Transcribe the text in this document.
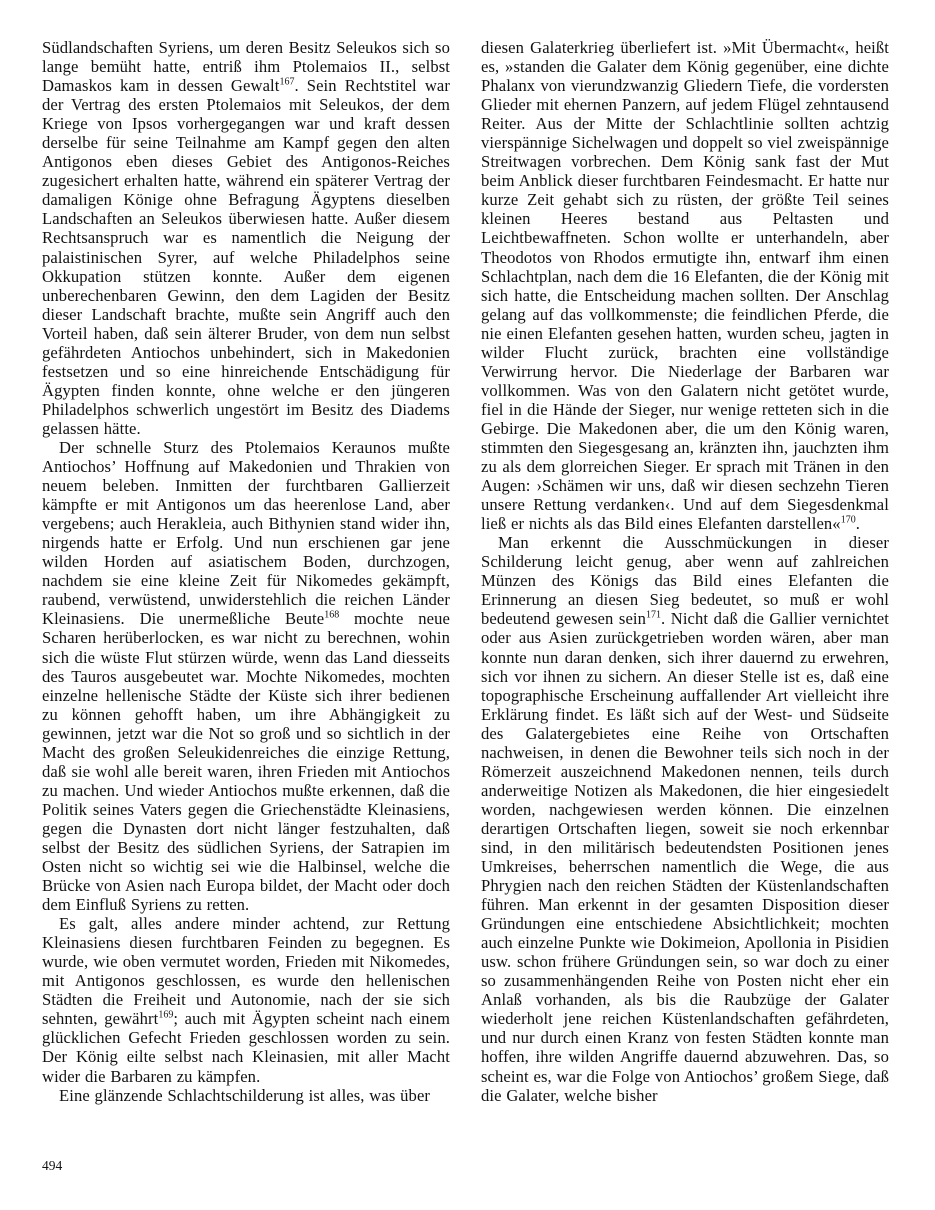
Südlandschaften Syriens, um deren Besitz Seleukos sich so lange bemüht hatte, entriß ihm Ptolemaios II., selbst Damaskos kam in dessen Gewalt$^{167}$. Sein Rechtstitel war der Vertrag des ersten Ptolemaios mit Seleukos, der dem Kriege von Ipsos vorhergegangen war und kraft dessen derselbe für seine Teilnahme am Kampf gegen den alten Antigonos eben dieses Gebiet des Antigonos-Reiches zugesichert erhalten hatte, während ein späterer Vertrag der damaligen Könige ohne Befragung Ägyptens dieselben Landschaften an Seleukos überwiesen hatte. Außer diesem Rechtsanspruch war es namentlich die Neigung der palaistinischen Syrer, auf welche Philadelphos seine Okkupation stützen konnte. Außer dem eigenen unberechenbaren Gewinn, den dem Lagiden der Besitz dieser Landschaft brachte, mußte sein Angriff auch den Vorteil haben, daß sein älterer Bruder, von dem nun selbst gefährdeten Antiochos unbehindert, sich in Makedonien festsetzen und so eine hinreichende Entschädigung für Ägypten finden konnte, ohne welche er den jüngeren Philadelphos schwerlich ungestört im Besitz des Diadems gelassen hätte.

Der schnelle Sturz des Ptolemaios Keraunos mußte Antiochos’ Hoffnung auf Makedonien und Thrakien von neuem beleben. Inmitten der furchtbaren Gallierzeit kämpfte er mit Antigonos um das heerenlose Land, aber vergebens; auch Herakleia, auch Bithynien stand wider ihn, nirgends hatte er Erfolg. Und nun erschienen gar jene wilden Horden auf asiatischem Boden, durchzogen, nachdem sie eine kleine Zeit für Nikomedes gekämpft, raubend, verwüstend, unwiderstehlich die reichen Länder Kleinasiens. Die unermeßliche Beute$^{168}$ mochte neue Scharen herüberlocken, es war nicht zu berechnen, wohin sich die wüste Flut stürzen würde, wenn das Land diesseits des Tauros ausgebeutet war. Mochte Nikomedes, mochten einzelne hellenische Städte der Küste sich ihrer bedienen zu können gehofft haben, um ihre Abhängigkeit zu gewinnen, jetzt war die Not so groß und so sichtlich in der Macht des großen Seleukidenreiches die einzige Rettung, daß sie wohl alle bereit waren, ihren Frieden mit Antiochos zu machen. Und wieder Antiochos mußte erkennen, daß die Politik seines Vaters gegen die Griechenstädte Kleinasiens, gegen die Dynasten dort nicht länger festzuhalten, daß selbst der Besitz des südlichen Syriens, der Satrapien im Osten nicht so wichtig sei wie die Halbinsel, welche die Brücke von Asien nach Europa bildet, der Macht oder doch dem Einfluß Syriens zu retten.

Es galt, alles andere minder achtend, zur Rettung Kleinasiens diesen furchtbaren Feinden zu begegnen. Es wurde, wie oben vermutet worden, Frieden mit Nikomedes, mit Antigonos geschlossen, es wurde den hellenischen Städten die Freiheit und Autonomie, nach der sie sich sehnten, gewährt$^{169}$; auch mit Ägypten scheint nach einem glücklichen Gefecht Frieden geschlossen worden zu sein. Der König eilte selbst nach Kleinasien, mit aller Macht wider die Barbaren zu kämpfen.

Eine glänzende Schlachtschilderung ist alles, was über

diesen Galaterkrieg überliefert ist. »Mit Übermacht«, heißt es, »standen die Galater dem König gegenüber, eine dichte Phalanx von vierundzwanzig Gliedern Tiefe, die vordersten Glieder mit ehernen Panzern, auf jedem Flügel zehntausend Reiter. Aus der Mitte der Schlachtlinie sollten achtzig vierspännige Sichelwagen und doppelt so viel zweispännige Streitwagen vorbrechen. Dem König sank fast der Mut beim Anblick dieser furchtbaren Feindesmacht. Er hatte nur kurze Zeit gehabt sich zu rüsten, der größte Teil seines kleinen Heeres bestand aus Peltasten und Leichtbewaffneten. Schon wollte er unterhandeln, aber Theodotos von Rhodos ermutigte ihn, entwarf ihm einen Schlachtplan, nach dem die 16 Elefanten, die der König mit sich hatte, die Entscheidung machen sollten. Der Anschlag gelang auf das vollkommenste; die feindlichen Pferde, die nie einen Elefanten gesehen hatten, wurden scheu, jagten in wilder Flucht zurück, brachten eine vollständige Verwirrung hervor. Die Niederlage der Barbaren war vollkommen. Was von den Galatern nicht getötet wurde, fiel in die Hände der Sieger, nur wenige retteten sich in die Gebirge. Die Makedonen aber, die um den König waren, stimmten den Siegesgesang an, kränzten ihn, jauchzten ihm zu als dem glorreichen Sieger. Er sprach mit Tränen in den Augen: ›Schämen wir uns, daß wir diesen sechzehn Tieren unsere Rettung verdanken‹. Und auf dem Siegesdenkmal ließ er nichts als das Bild eines Elefanten darstellen«$^{170}$.

Man erkennt die Ausschmückungen in dieser Schilderung leicht genug, aber wenn auf zahlreichen Münzen des Königs das Bild eines Elefanten die Erinnerung an diesen Sieg bedeutet, so muß er wohl bedeutend gewesen sein$^{171}$. Nicht daß die Gallier vernichtet oder aus Asien zurückgetrieben worden wären, aber man konnte nun daran denken, sich ihrer dauernd zu erwehren, sich vor ihnen zu sichern. An dieser Stelle ist es, daß eine topographische Erscheinung auffallender Art vielleicht ihre Erklärung findet. Es läßt sich auf der West- und Südseite des Galatergebietes eine Reihe von Ortschaften nachweisen, in denen die Bewohner teils sich noch in der Römerzeit auszeichnend Makedonen nennen, teils durch anderweitige Notizen als Makedonen, die hier eingesiedelt worden, nachgewiesen werden können. Die einzelnen derartigen Ortschaften liegen, soweit sie noch erkennbar sind, in den militärisch bedeutendsten Positionen jenes Umkreises, beherrschen namentlich die Wege, die aus Phrygien nach den reichen Städten der Küstenlandschaften führen. Man erkennt in der gesamten Disposition dieser Gründungen eine entschiedene Absichtlichkeit; mochten auch einzelne Punkte wie Dokimeion, Apollonia in Pisidien usw. schon frühere Gründungen sein, so war doch zu einer so zusammenhängenden Reihe von Posten nicht eher ein Anlaß vorhanden, als bis die Raubzüge der Galater wiederholt jene reichen Küstenlandschaften gefährdeten, und nur durch einen Kranz von festen Städten konnte man hoffen, ihre wilden Angriffe dauernd abzuwehren. Das, so scheint es, war die Folge von Antiochos’ großem Siege, daß die Galater, welche bisher

494
